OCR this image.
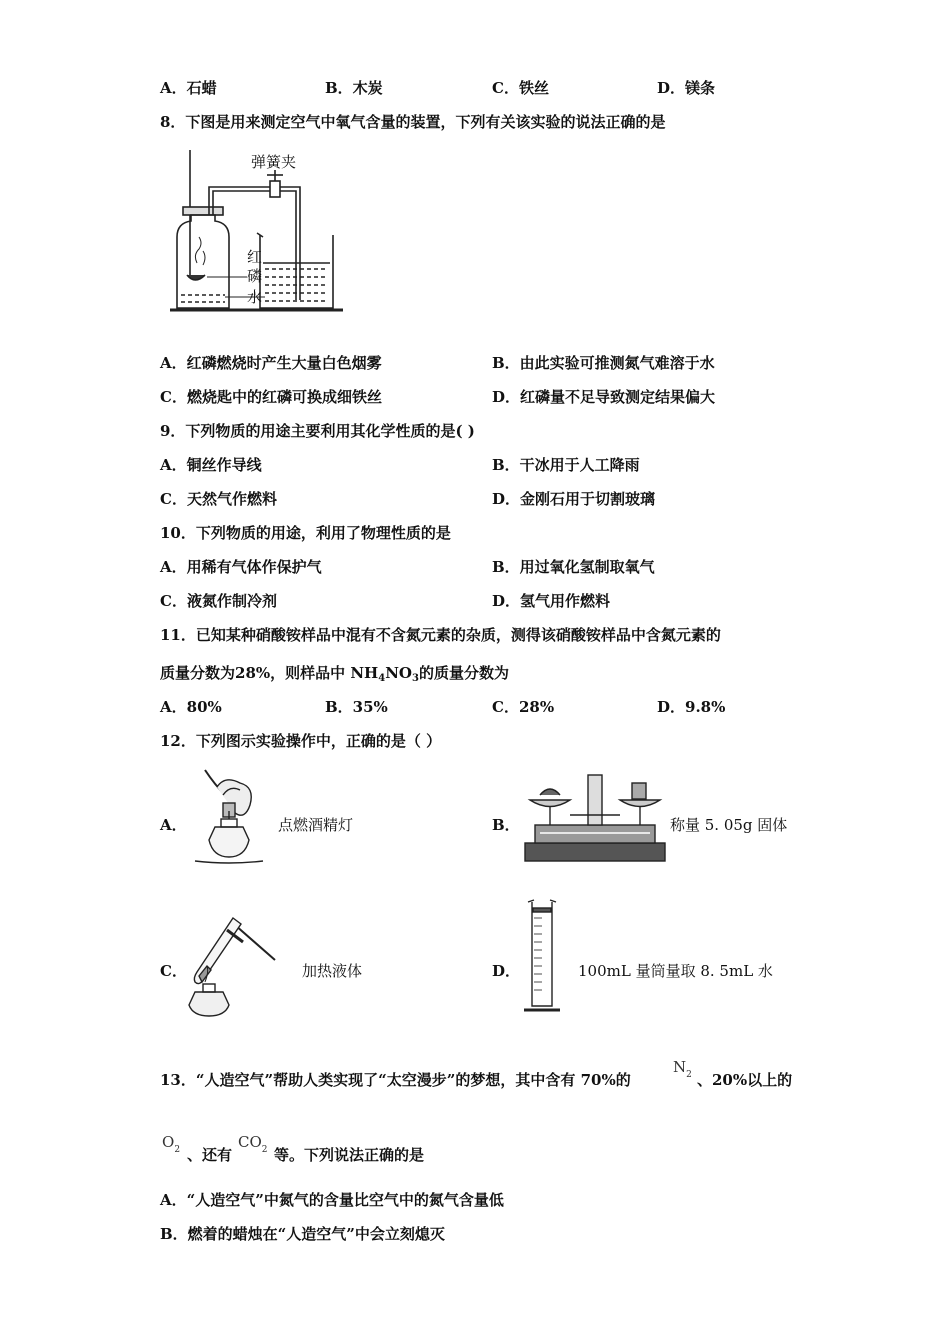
A．石蜡	B．木炭	C．铁丝	D．镁条
8．下图是用来测定空气中氧气含量的装置，下列有关该实验的说法正确的是
弹簧夹
红
磷
水
A．红磷燃烧时产生大量白色烟雾	B．由此实验可推测氮气难溶于水
C．燃烧匙中的红磷可换成细铁丝	D．红磷量不足导致测定结果偏大
9．下列物质的用途主要利用其化学性质的是( )
A．铜丝作导线	B．干冰用于人工降雨
C．天然气作燃料	D．金刚石用于切割玻璃
10．下列物质的用途，利用了物理性质的是
A．用稀有气体作保护气	B．用过氧化氢制取氧气
C．液氮作制冷剂	D．氢气用作燃料
11．已知某种硝酸铵样品中混有不含氮元素的杂质，测得该硝酸铵样品中含氮元素的
质量分数为28%，则样品中 $NH_4NO_3$的质量分数为
A．80%	B．35%	C．28%	D．9.8%
12．下列图示实验操作中，正确的是（ ）
A．	点燃酒精灯	B．	称量 5. 05g 固体
C．	加热液体	D．	100mL 量筒量取 8. 5mL 水
13．“人造空气”帮助人类实现了“太空漫步”的梦想，其中含有 70%的
$N_2$ 、20%以上的
$O_2$ 、还有
$CO_2$ 等。下列说法正确的是
A．“人造空气”中氮气的含量比空气中的氮气含量低
B．燃着的蜡烛在“人造空气”中会立刻熄灭
